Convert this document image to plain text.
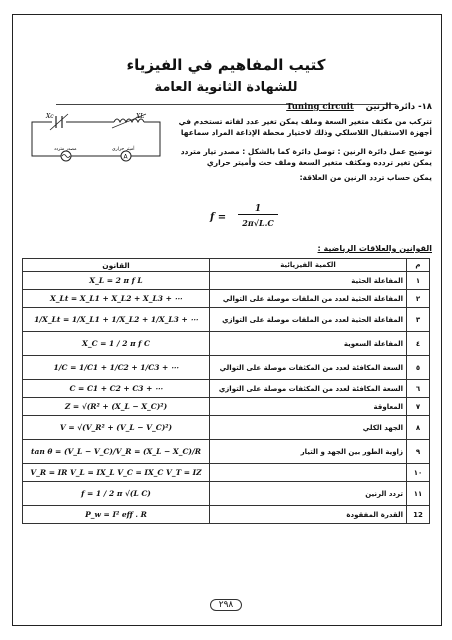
كتيب المفاهيم في الفيزياء
للشهادة الثانوية العامة
١٨- دائرة الرنين    Tuning circuit
تتركب من مكثف متغير السعة وملف يمكن تغير عدد لفاته تستخدم في أجهزة الاستقبال اللاسلكي وذلك لاختيار محطة الإذاعة المراد سماعها
توضيح عمل دائرة الرنين : توصل دائرة كما بالشكل : مصدر تيار متردد يمكن تغير تردده ومكثف متغير السعة وملف حث وأميتر حراري
يمكن حساب تردد الرنين من العلاقة:
A
Xc	XL
مصدر متردد	أميتر حراري
f =
1
2π√L.C
القوانين والعلاقات الرياضية :
القانون	الكمية الفيزيائية	م
X_L = 2 π f L	المفاعلة الحثية	١
X_Lt = X_L1 + X_L2 + X_L3 + ⋯	المفاعلة الحثية لعدد من الملفات موصلة على التوالي	٢
1/X_Lt = 1/X_L1 + 1/X_L2 + 1/X_L3 + ⋯	المفاعلة الحثية لعدد من الملفات موصلة على التوازي	٣
X_C = 1 / 2 π f C	المفاعلة السعوية	٤
1/C = 1/C1 + 1/C2 + 1/C3 + ⋯	السعة المكافئة لعدد من المكثفات موصلة على التوالي	٥
C = C1 + C2 + C3 + ⋯	السعة المكافئة لعدد من المكثفات موصلة على التوازي	٦
Z = √(R² + (X_L − X_C)²)	المعاوقة	٧
V = √(V_R² + (V_L − V_C)²)	الجهد الكلي	٨
tan θ = (V_L − V_C)/V_R = (X_L − X_C)/R	زاوية الطور بين الجهد و التيار	٩
V_R = IR V_L = IX_L V_C = IX_C V_T = IZ		١٠
f = 1 / 2 π √(L C)	تردد الرنين	١١
P_w = I² eff . R	القدرة المفقودة	12
٢٩٨
